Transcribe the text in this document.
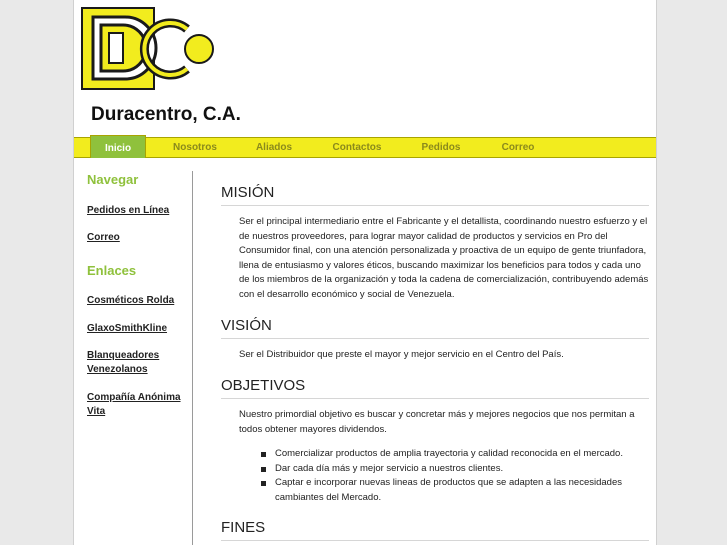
Duracentro, C.A.
Inicio	Nosotros	Aliados	Contactos	Pedidos	Correo
Navegar
Pedidos en Línea
Correo
Enlaces
Cosméticos Rolda
GlaxoSmithKline
Blanqueadores Venezolanos
Compañía Anónima Vita
MISIÓN
Ser el principal intermediario entre el Fabricante y el detallista, coordinando nuestro esfuerzo y el de nuestros proveedores, para lograr mayor calidad de productos y servicios en Pro del Consumidor final, con una atención personalizada y proactiva de un equipo de gente triunfadora, llena de entusiasmo y valores éticos, buscando maximizar los beneficios para todos y cada uno de los miembros de la organización y toda la cadena de comercialización, contribuyendo además con el desarrollo económico y social de Venezuela.
VISIÓN
Ser el Distribuidor que preste el mayor y mejor servicio en el Centro del País.
OBJETIVOS
Nuestro primordial objetivo es buscar y concretar más y mejores negocios que nos permitan a todos obtener mayores dividendos.
Comercializar productos de amplia trayectoria y calidad reconocida en el mercado.
Dar cada día más y mejor servicio a nuestros clientes.
Captar e incorporar nuevas lineas de productos que se adapten a las necesidades cambiantes del Mercado.
FINES
